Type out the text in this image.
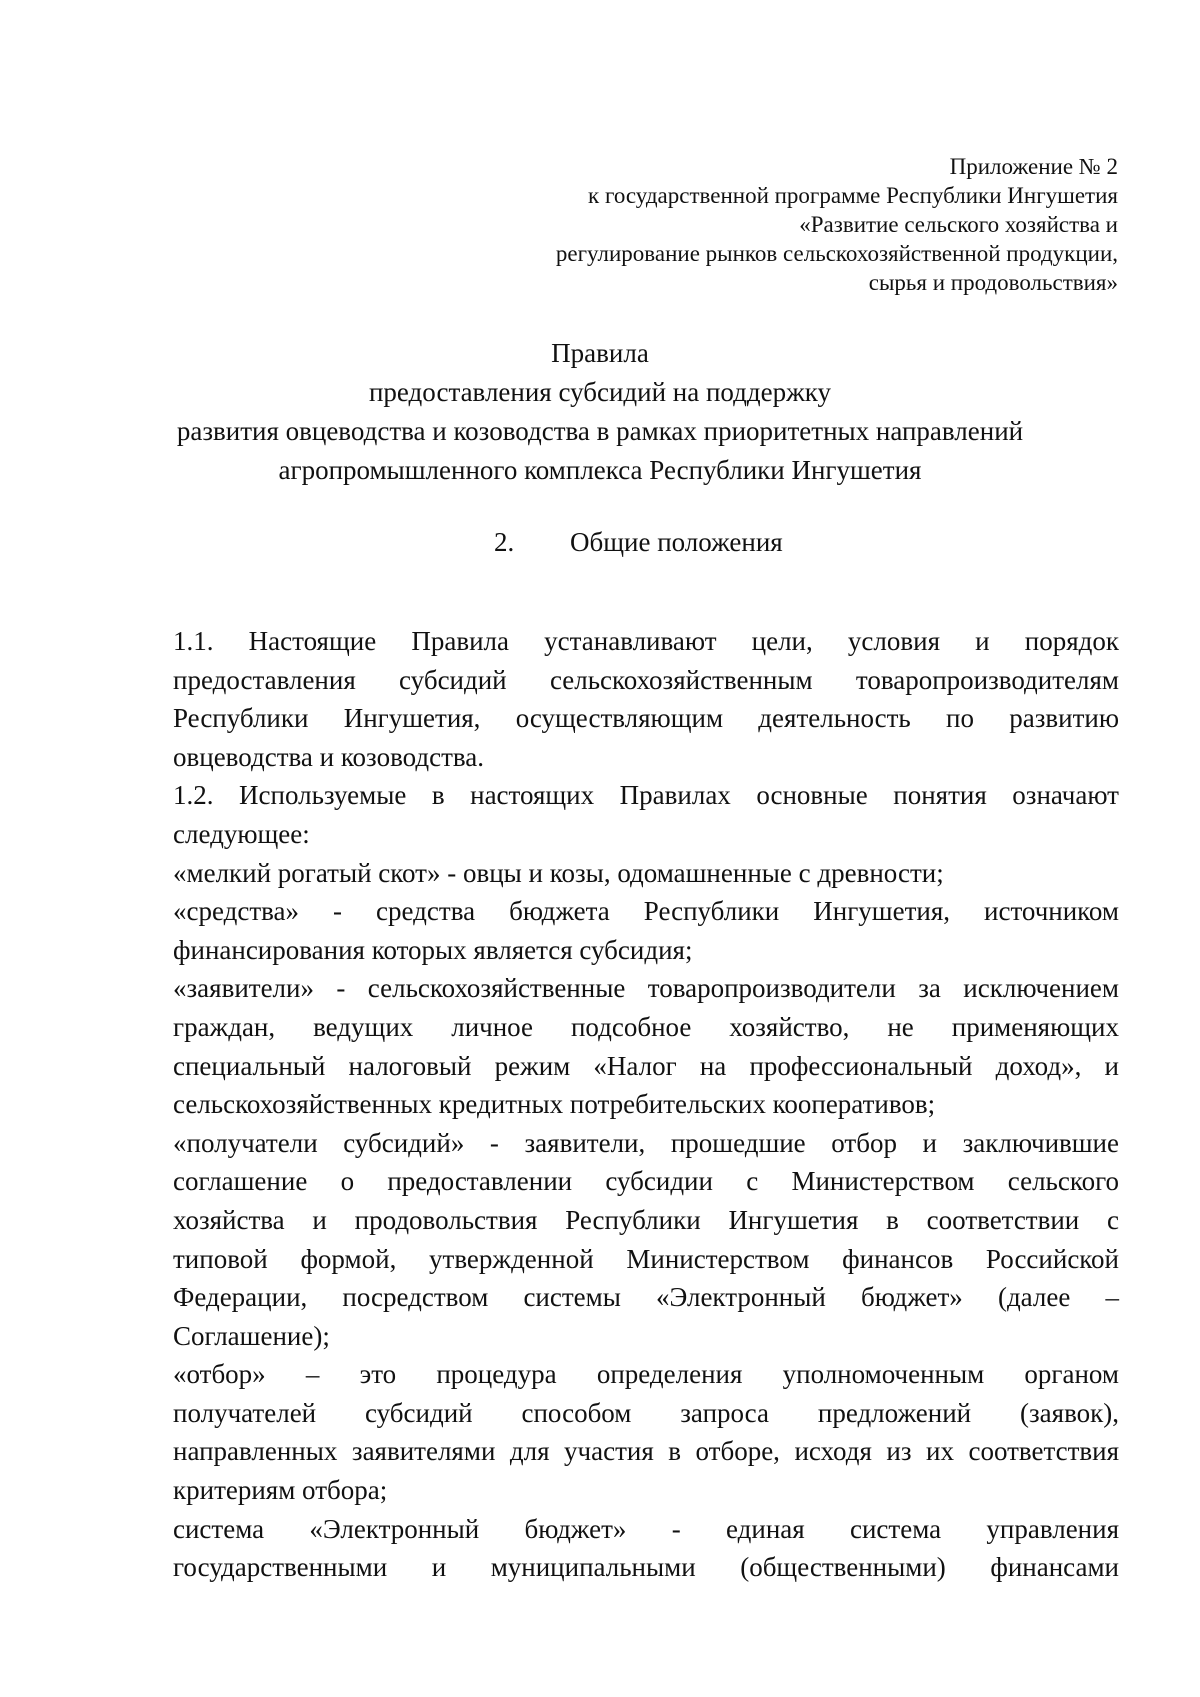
Приложение № 2
к государственной программе Республики Ингушетия
«Развитие сельского хозяйства и
регулирование рынков сельскохозяйственной продукции,
сырья и продовольствия»
Правила
предоставления субсидий на поддержку
развития овцеводства и козоводства в рамках приоритетных направлений
агропромышленного комплекса Республики Ингушетия
2. Общие положения
1.1. Настоящие Правила устанавливают цели, условия и порядок
предоставления субсидий сельскохозяйственным товаропроизводителям
Республики Ингушетия, осуществляющим деятельность по развитию
овцеводства и козоводства.
1.2. Используемые в настоящих Правилах основные понятия означают
следующее:
«мелкий рогатый скот» - овцы и козы, одомашненные с древности;
«средства» - средства бюджета Республики Ингушетия, источником
финансирования которых является субсидия;
«заявители» - сельскохозяйственные товаропроизводители за исключением
граждан, ведущих личное подсобное хозяйство, не применяющих
специальный налоговый режим «Налог на профессиональный доход», и
сельскохозяйственных кредитных потребительских кооперативов;
«получатели субсидий» - заявители, прошедшие отбор и заключившие
соглашение о предоставлении субсидии с Министерством сельского
хозяйства и продовольствия Республики Ингушетия в соответствии с
типовой формой, утвержденной Министерством финансов Российской
Федерации, посредством системы «Электронный бюджет» (далее –
Соглашение);
«отбор» – это процедура определения уполномоченным органом
получателей субсидий способом запроса предложений (заявок),
направленных заявителями для участия в отборе, исходя из их соответствия
критериям отбора;
система «Электронный бюджет» - единая система управления
государственными и муниципальными (общественными) финансами
